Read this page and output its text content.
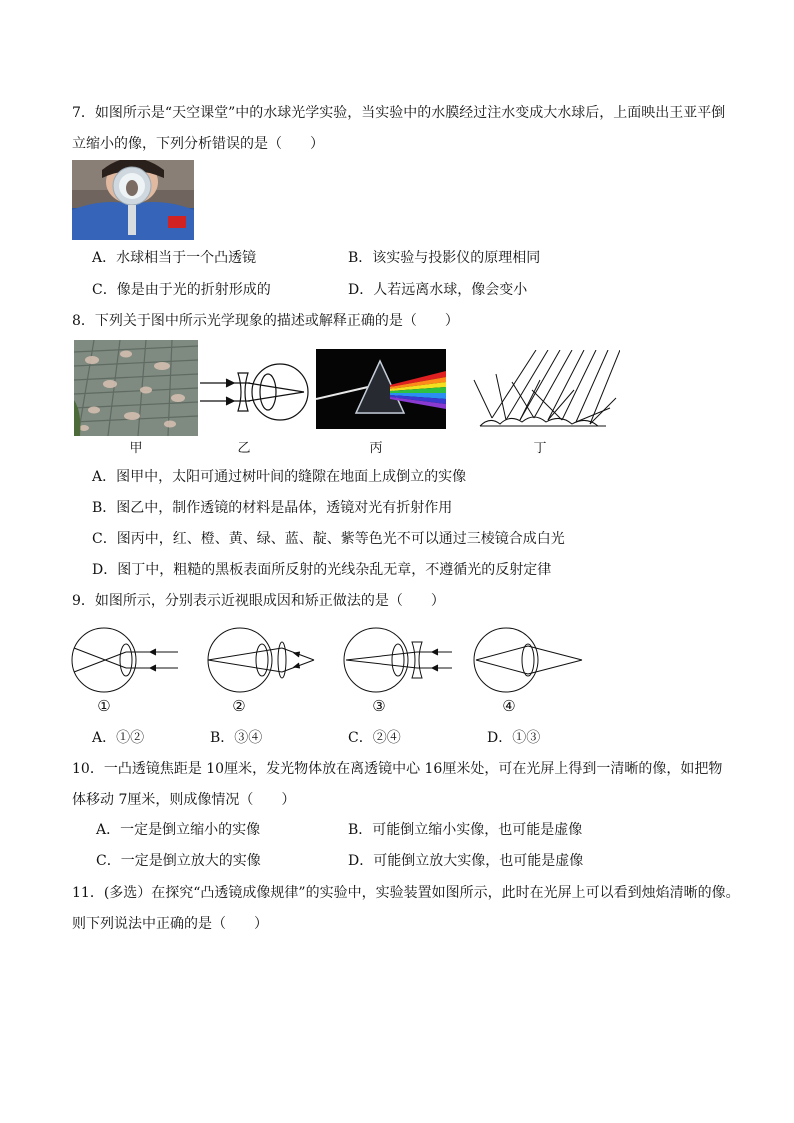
7．如图所示是“天空课堂”中的水球光学实验，当实验中的水膜经过注水变成大水球后，上面映出王亚平倒
立缩小的像，下列分析错误的是（　　）
A．水球相当于一个凸透镜	B．该实验与投影仪的原理相同
C．像是由于光的折射形成的	D．人若远离水球，像会变小
8．下列关于图中所示光学现象的描述或解释正确的是（　　）
甲	乙	丙	丁
A．图甲中，太阳可通过树叶间的缝隙在地面上成倒立的实像
B．图乙中，制作透镜的材料是晶体，透镜对光有折射作用
C．图丙中，红、橙、黄、绿、蓝、靛、紫等色光不可以通过三棱镜合成白光
D．图丁中，粗糙的黑板表面所反射的光线杂乱无章，不遵循光的反射定律
9．如图所示，分别表示近视眼成因和矫正做法的是（　　）
①	②	③	④
A．①②	B．③④	C．②④	D．①③
10．一凸透镜焦距是 10厘米，发光物体放在离透镜中心 16厘米处，可在光屏上得到一清晰的像，如把物
体移动 7厘米，则成像情况（　　）
A．一定是倒立缩小的实像	B．可能倒立缩小实像，也可能是虚像
C．一定是倒立放大的实像	D．可能倒立放大实像，也可能是虚像
11．(多选）在探究“凸透镜成像规律”的实验中，实验装置如图所示，此时在光屏上可以看到烛焰清晰的像。
则下列说法中正确的是（　　）
